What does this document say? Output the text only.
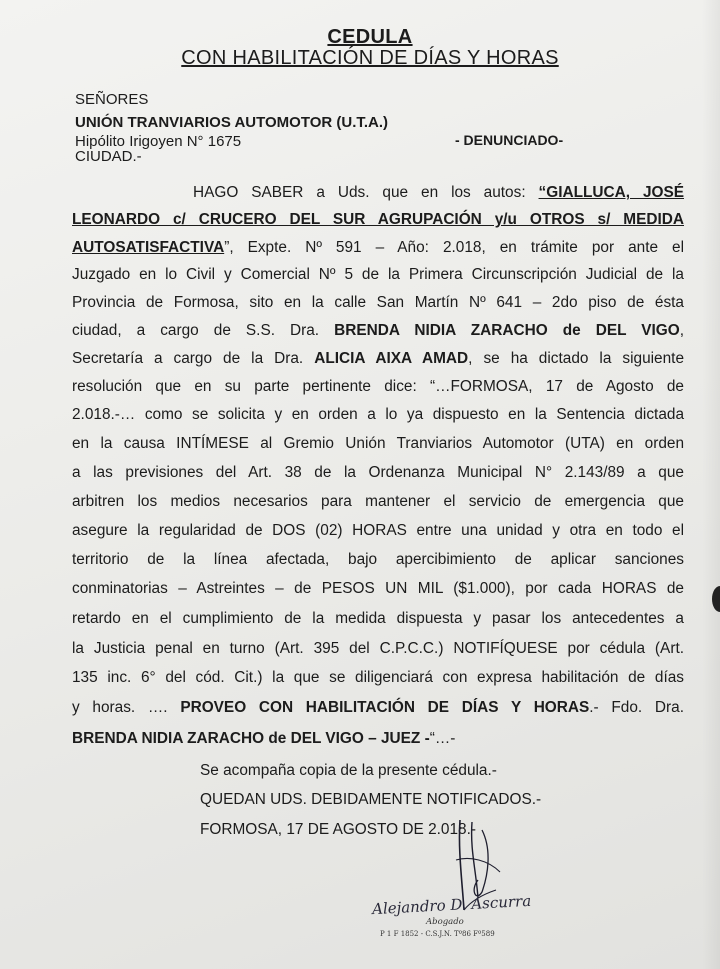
CEDULA
CON HABILITACIÓN DE DÍAS Y HORAS
SEÑORES
UNIÓN TRANVIARIOS AUTOMOTOR (U.T.A.)
Hipólito Irigoyen N° 1675
CIUDAD.-
- DENUNCIADO-
HAGO SABER a Uds. que en los autos: “GIALLUCA, JOSÉ
LEONARDO c/ CRUCERO DEL SUR AGRUPACIÓN y/u OTROS s/ MEDIDA
AUTOSATISFACTIVA”, Expte. Nº 591 – Año: 2.018, en trámite por ante el
Juzgado en lo Civil y Comercial Nº 5 de la Primera Circunscripción Judicial de la
Provincia de Formosa, sito en la calle San Martín Nº 641 – 2do piso de ésta
ciudad, a cargo de S.S. Dra. BRENDA NIDIA ZARACHO de DEL VIGO,
Secretaría a cargo de la Dra. ALICIA AIXA AMAD, se ha dictado la siguiente
resolución que en su parte pertinente dice: “…FORMOSA, 17 de Agosto de
2.018.-… como se solicita y en orden a lo ya dispuesto en la Sentencia dictada
en la causa INTÍMESE al Gremio Unión Tranviarios Automotor (UTA) en orden
a las previsiones del Art. 38 de la Ordenanza Municipal N° 2.143/89 a que
arbitren los medios necesarios para mantener el servicio de emergencia que
asegure la regularidad de DOS (02) HORAS entre una unidad y otra en todo el
territorio de la línea afectada, bajo apercibimiento de aplicar sanciones
conminatorias – Astreintes – de PESOS UN MIL ($1.000), por cada HORAS de
retardo en el cumplimiento de la medida dispuesta y pasar los antecedentes a
la Justicia penal en turno (Art. 395 del C.P.C.C.) NOTIFÍQUESE por cédula (Art.
135 inc. 6° del cód. Cit.) la que se diligenciará con expresa habilitación de días
y horas. …. PROVEO CON HABILITACIÓN DE DÍAS Y HORAS.- Fdo. Dra.
BRENDA NIDIA ZARACHO de DEL VIGO – JUEZ -“…-
Se acompaña copia de la presente cédula.-
QUEDAN UDS. DEBIDAMENTE NOTIFICADOS.-
FORMOSA, 17 DE AGOSTO DE 2.018.-
Alejandro D. Ascurra
Abogado
P 1 F 1852 - C.S.J.N. Tº86 Fº589
